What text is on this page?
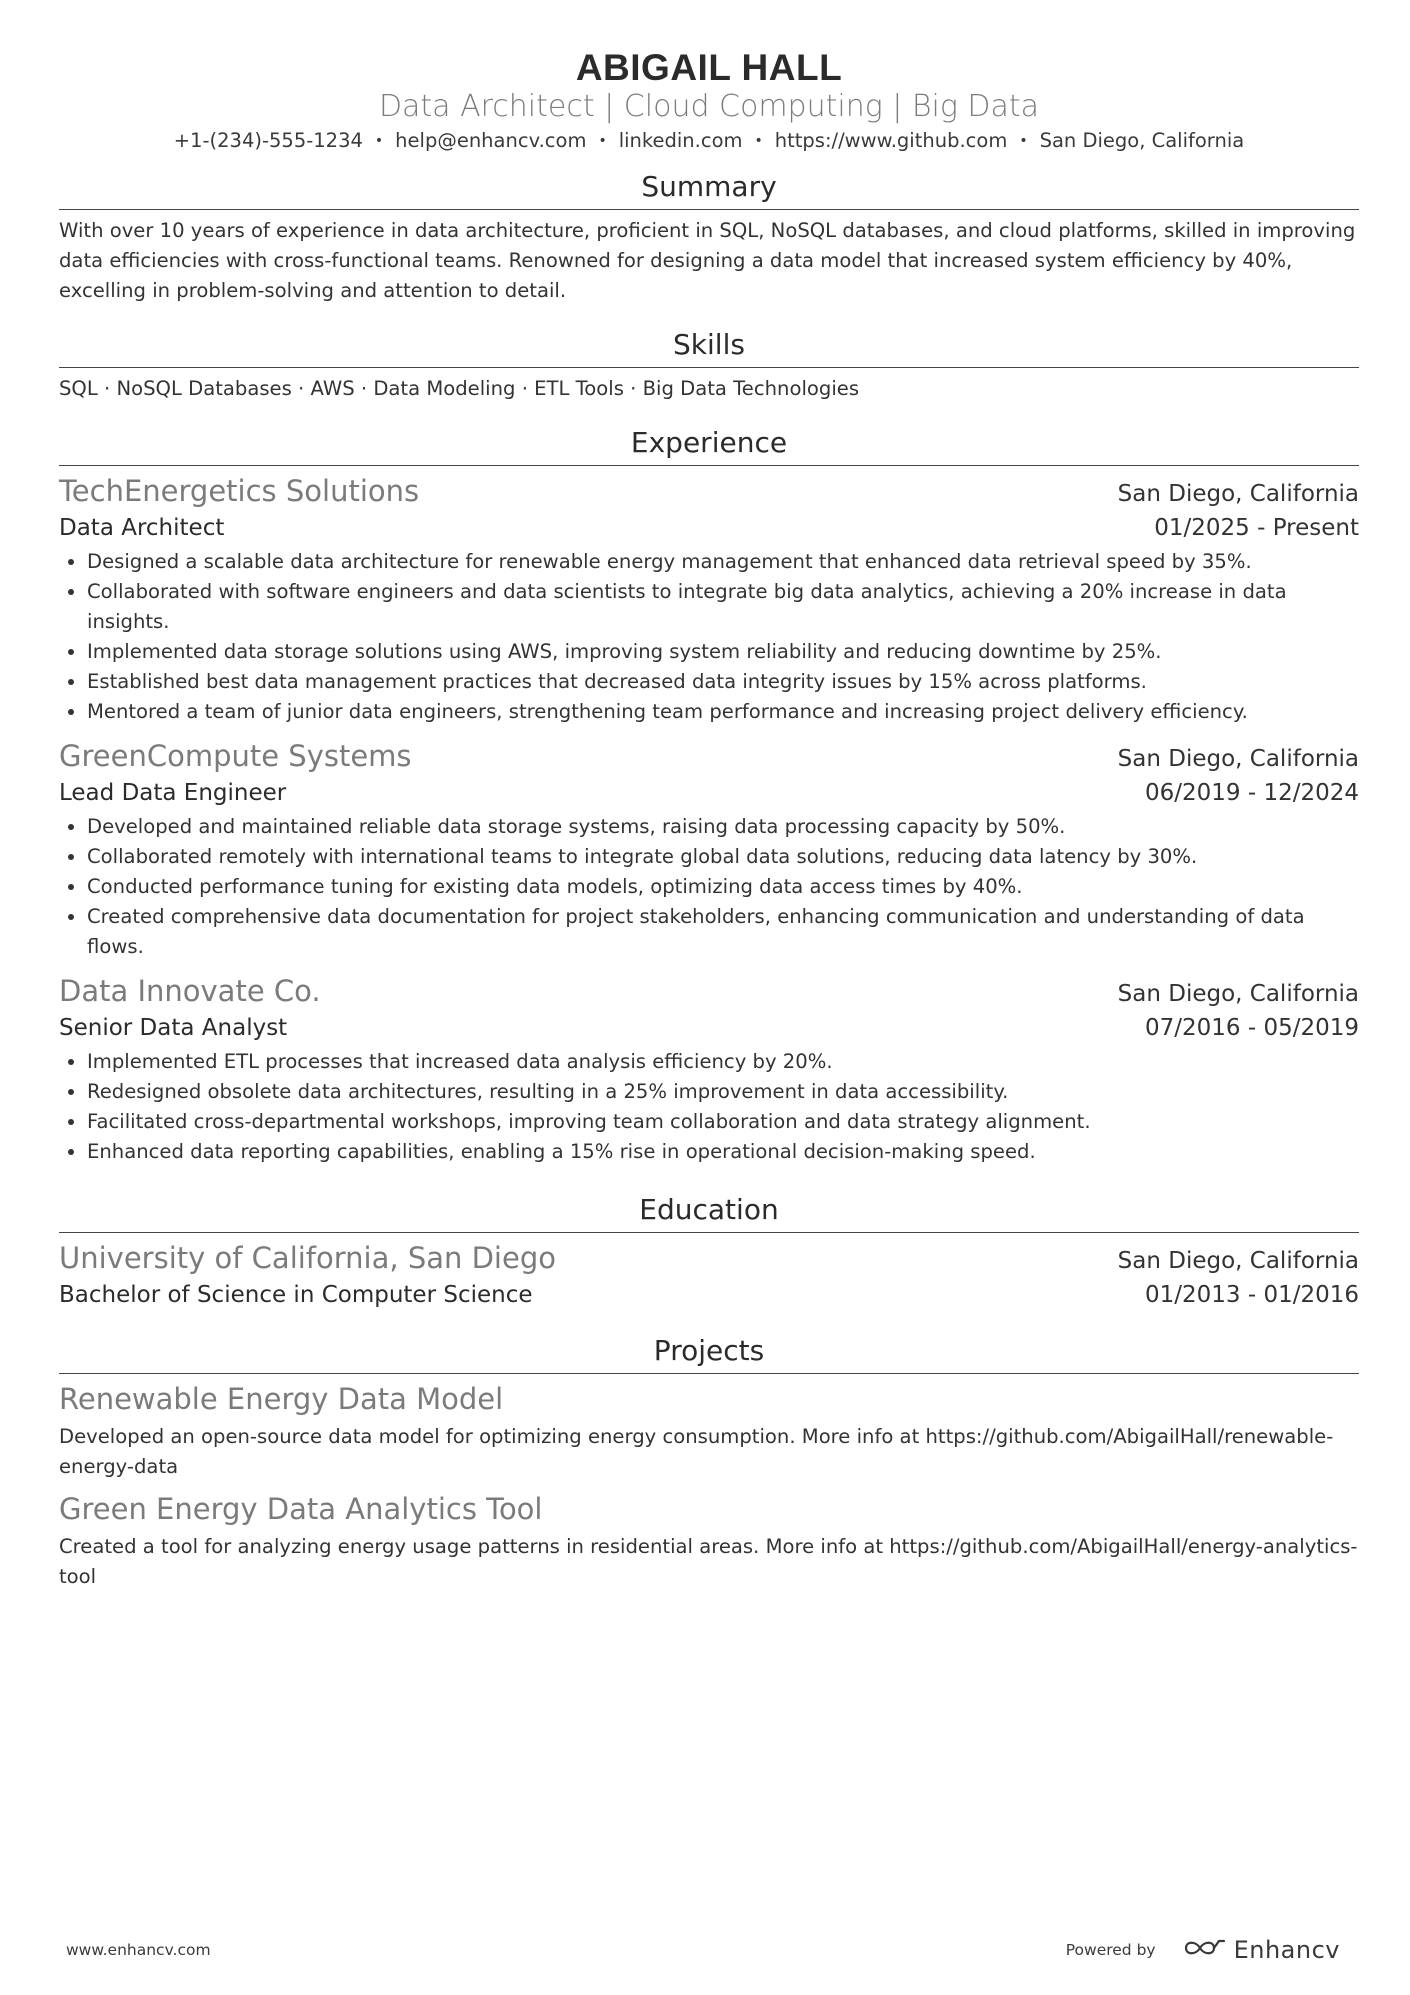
ABIGAIL HALL
Data Architect | Cloud Computing | Big Data
+1-(234)-555-1234 • help@enhancv.com • linkedin.com • https://www.github.com • San Diego, California
Summary
With over 10 years of experience in data architecture, proficient in SQL, NoSQL databases, and cloud platforms, skilled in improving data efficiencies with cross-functional teams. Renowned for designing a data model that increased system efficiency by 40%, excelling in problem-solving and attention to detail.
Skills
SQL · NoSQL Databases · AWS · Data Modeling · ETL Tools · Big Data Technologies
Experience
TechEnergetics Solutions	San Diego, California
Data Architect	01/2025 - Present
• Designed a scalable data architecture for renewable energy management that enhanced data retrieval speed by 35%.
• Collaborated with software engineers and data scientists to integrate big data analytics, achieving a 20% increase in data insights.
• Implemented data storage solutions using AWS, improving system reliability and reducing downtime by 25%.
• Established best data management practices that decreased data integrity issues by 15% across platforms.
• Mentored a team of junior data engineers, strengthening team performance and increasing project delivery efficiency.
GreenCompute Systems	San Diego, California
Lead Data Engineer	06/2019 - 12/2024
• Developed and maintained reliable data storage systems, raising data processing capacity by 50%.
• Collaborated remotely with international teams to integrate global data solutions, reducing data latency by 30%.
• Conducted performance tuning for existing data models, optimizing data access times by 40%.
• Created comprehensive data documentation for project stakeholders, enhancing communication and understanding of data flows.
Data Innovate Co.	San Diego, California
Senior Data Analyst	07/2016 - 05/2019
• Implemented ETL processes that increased data analysis efficiency by 20%.
• Redesigned obsolete data architectures, resulting in a 25% improvement in data accessibility.
• Facilitated cross-departmental workshops, improving team collaboration and data strategy alignment.
• Enhanced data reporting capabilities, enabling a 15% rise in operational decision-making speed.
Education
University of California, San Diego	San Diego, California
Bachelor of Science in Computer Science	01/2013 - 01/2016
Projects
Renewable Energy Data Model
Developed an open-source data model for optimizing energy consumption. More info at https://github.com/AbigailHall/renewable-energy-data
Green Energy Data Analytics Tool
Created a tool for analyzing energy usage patterns in residential areas. More info at https://github.com/AbigailHall/energy-analytics-tool
www.enhancv.com	Powered by	Enhancv
